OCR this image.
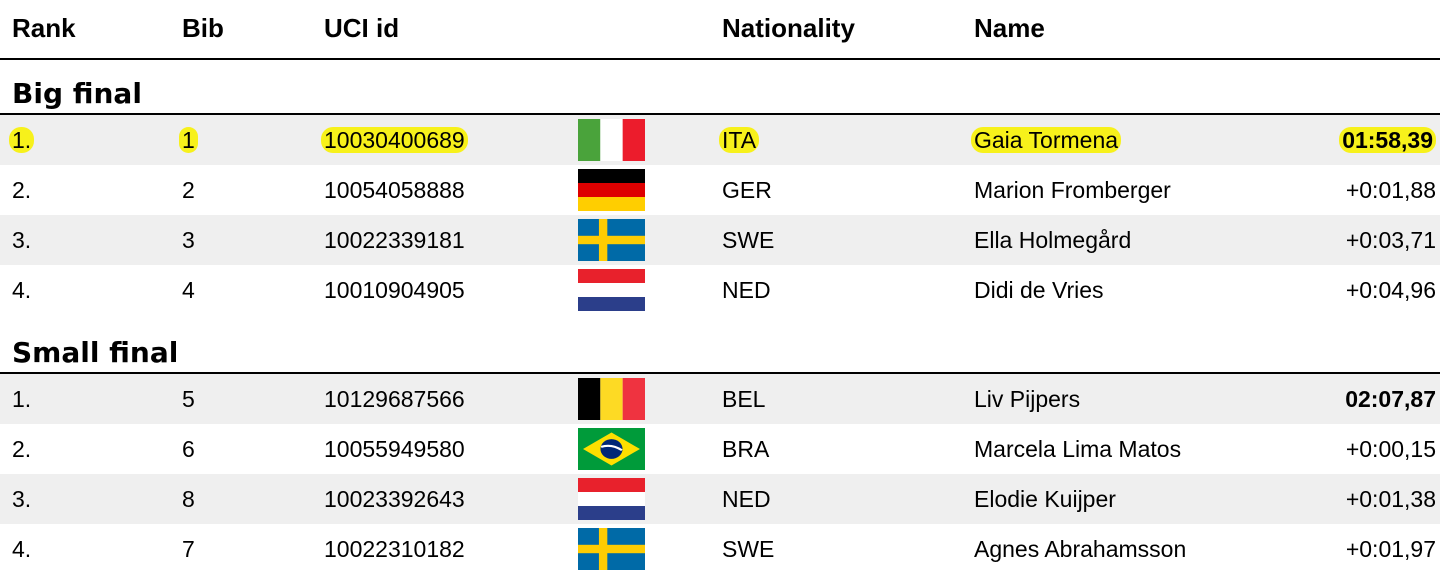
Rank	Bib	UCI id	Nationality	Name
Big final
1.	1	10030400689	ITA	Gaia Tormena	01:58,39
2.	2	10054058888	GER	Marion Fromberger	+0:01,88
3.	3	10022339181	SWE	Ella Holmegård	+0:03,71
4.	4	10010904905	NED	Didi de Vries	+0:04,96
Small final
1.	5	10129687566	BEL	Liv Pijpers	02:07,87
2.	6	10055949580	BRA	Marcela Lima Matos	+0:00,15
3.	8	10023392643	NED	Elodie Kuijper	+0:01,38
4.	7	10022310182	SWE	Agnes Abrahamsson	+0:01,97
